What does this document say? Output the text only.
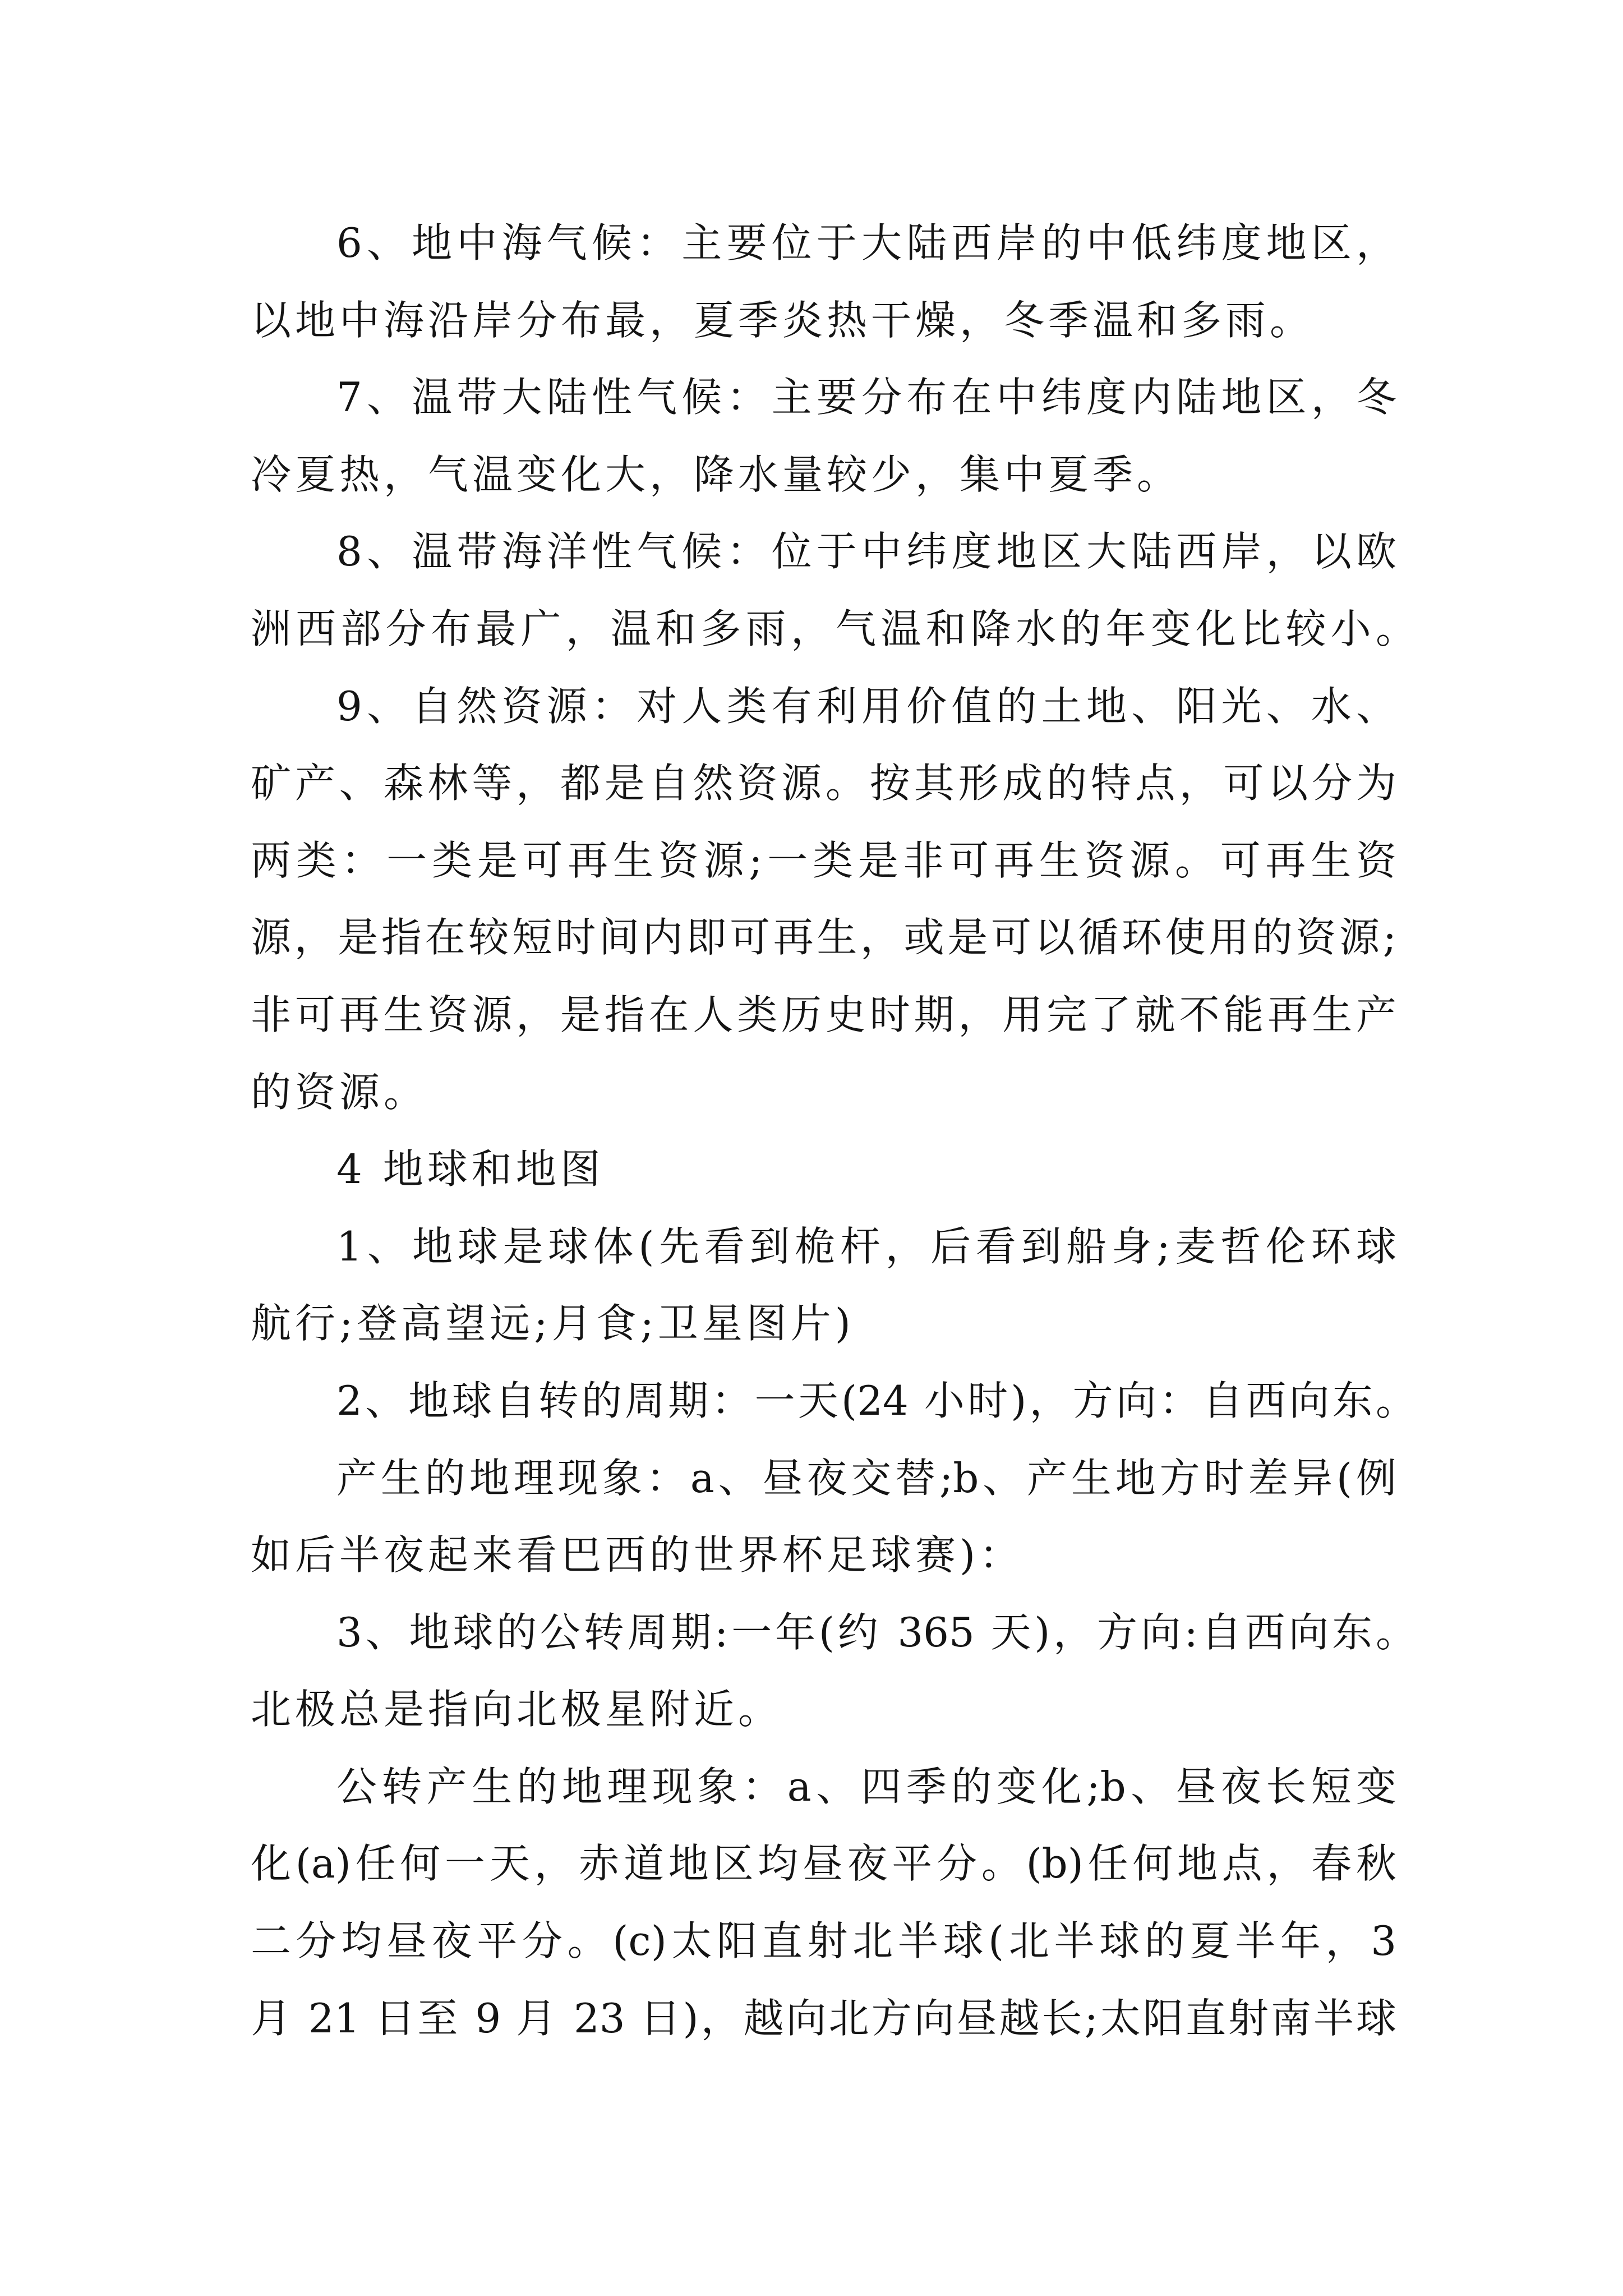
6、地中海气候：主要位于大陆西岸的中低纬度地区，
以地中海沿岸分布最，夏季炎热干燥，冬季温和多雨。
7、温带大陆性气候：主要分布在中纬度内陆地区，冬
冷夏热，气温变化大，降水量较少，集中夏季。
8、温带海洋性气候：位于中纬度地区大陆西岸，以欧
洲西部分布最广，温和多雨，气温和降水的年变化比较小。
9、自然资源：对人类有利用价值的土地、阳光、水、
矿产、森林等，都是自然资源。按其形成的特点，可以分为
两类：一类是可再生资源;一类是非可再生资源。可再生资
源，是指在较短时间内即可再生，或是可以循环使用的资源;
非可再生资源，是指在人类历史时期，用完了就不能再生产
的资源。
4 地球和地图
1、地球是球体(先看到桅杆，后看到船身;麦哲伦环球
航行;登高望远;月食;卫星图片)
2、地球自转的周期：一天(24 小时)，方向：自西向东。
产生的地理现象：a、昼夜交替;b、产生地方时差异(例
如后半夜起来看巴西的世界杯足球赛)：
3、地球的公转周期:一年(约 365 天)，方向:自西向东。
北极总是指向北极星附近。
公转产生的地理现象：a、四季的变化;b、昼夜长短变
化(a)任何一天，赤道地区均昼夜平分。(b)任何地点，春秋
二分均昼夜平分。(c)太阳直射北半球(北半球的夏半年，3
月 21 日至 9 月 23 日)，越向北方向昼越长;太阳直射南半球
